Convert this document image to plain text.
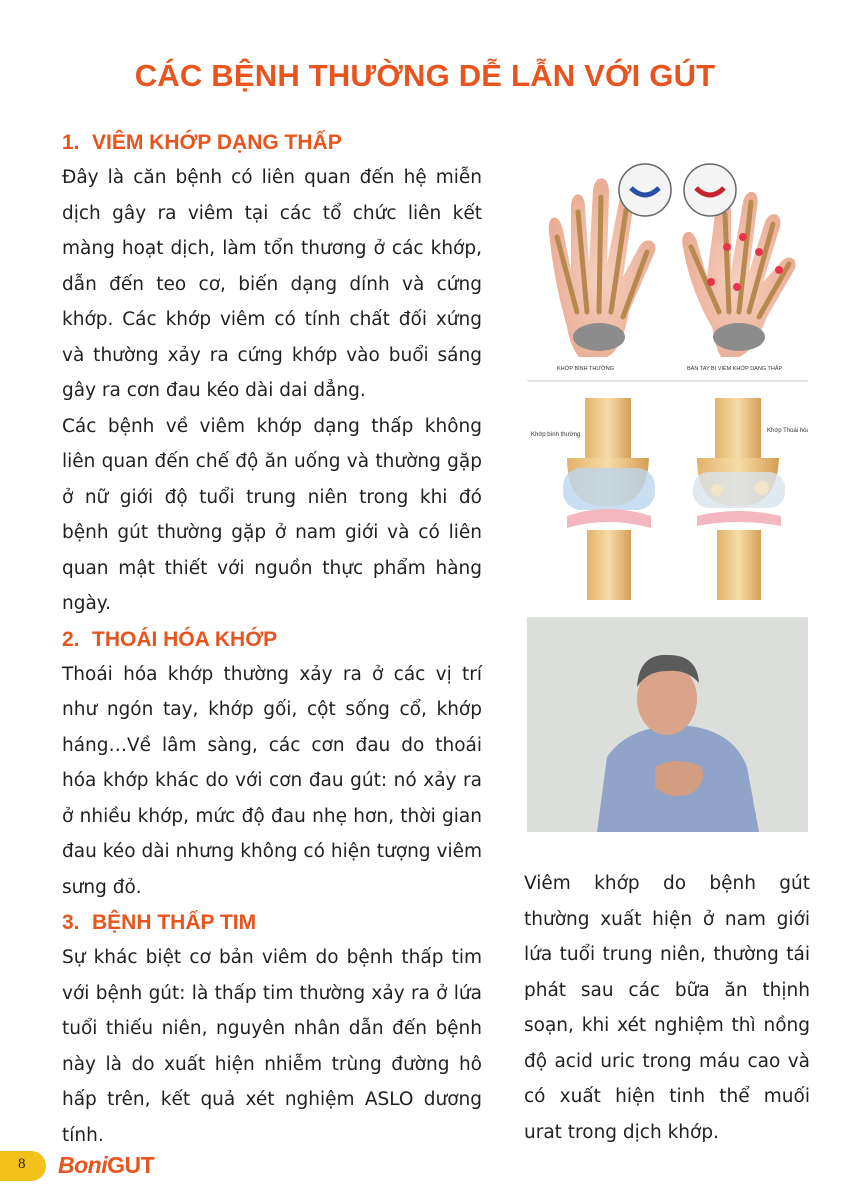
CÁC BỆNH THƯỜNG DỄ LẪN VỚI GÚT
1. VIÊM KHỚP DẠNG THẤP

Đây là căn bệnh có liên quan đến hệ miễn dịch gây ra viêm tại các tổ chức liên kết màng hoạt dịch, làm tổn thương ở các khớp, dẫn đến teo cơ, biến dạng dính và cứng khớp. Các khớp viêm có tính chất đối xứng và thường xảy ra cứng khớp vào buổi sáng gây ra cơn đau kéo dài dai dẳng.

Các bệnh về viêm khớp dạng thấp không liên quan đến chế độ ăn uống và thường gặp ở nữ giới độ tuổi trung niên trong khi đó bệnh gút thường gặp ở nam giới và có liên quan mật thiết với nguồn thực phẩm hàng ngày.

2. THOÁI HÓA KHỚP

Thoái hóa khớp thường xảy ra ở các vị trí như ngón tay, khớp gối, cột sống cổ, khớp háng…Về lâm sàng, các cơn đau do thoái hóa khớp khác do với cơn đau gút: nó xảy ra ở nhiều khớp, mức độ đau nhẹ hơn, thời gian đau kéo dài nhưng không có hiện tượng viêm sưng đỏ.

3. BỆNH THẤP TIM

Sự khác biệt cơ bản viêm do bệnh thấp tim với bệnh gút: là thấp tim thường xảy ra ở lứa tuổi thiếu niên, nguyên nhân dẫn đến bệnh này là do xuất hiện nhiễm trùng đường hô hấp trên, kết quả xét nghiệm ASLO dương tính.

KHỚP BÌNH THƯỜNG	BÀN TAY BỊ VIÊM KHỚP DẠNG THẤP
Khớp bình thường
Khớp Thoái hóa

Viêm khớp do bệnh gút thường xuất hiện ở nam giới lứa tuổi trung niên, thường tái phát sau các bữa ăn thịnh soạn, khi xét nghiệm thì nồng độ acid uric trong máu cao và có xuất hiện tinh thể muối urat trong dịch khớp.

8 BoniGUT
